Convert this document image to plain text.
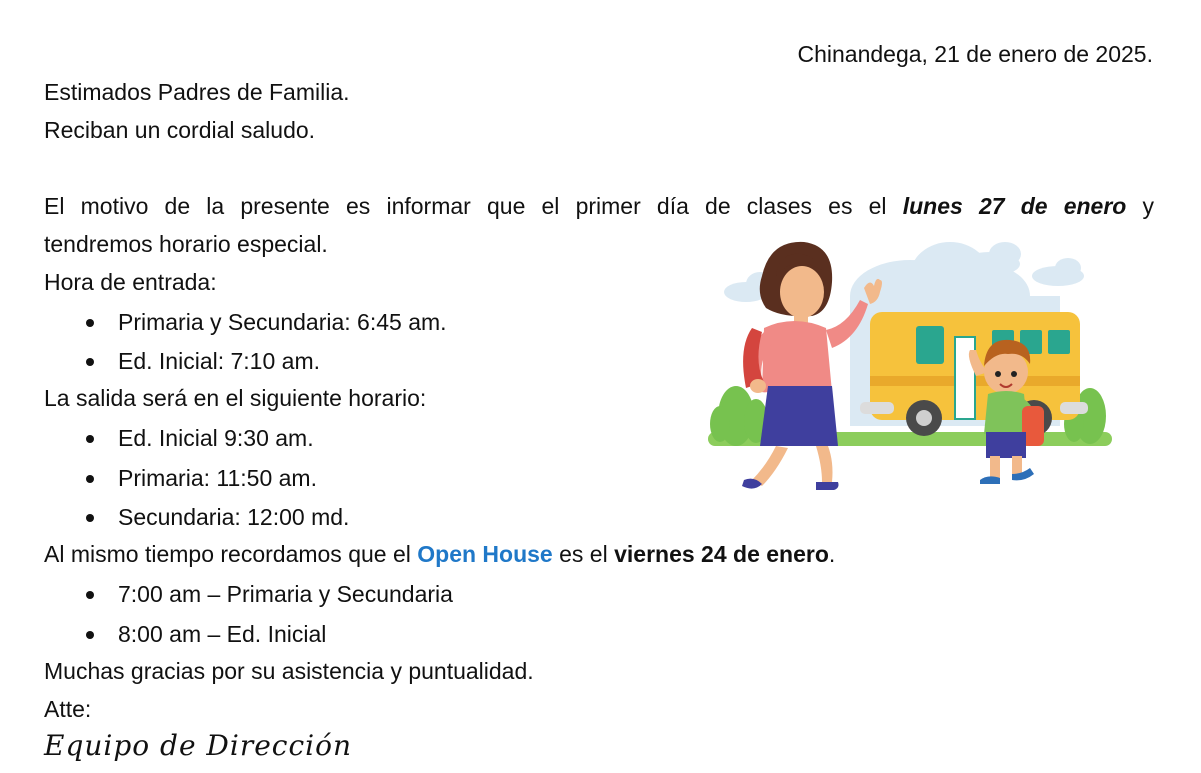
Chinandega, 21 de enero de 2025.
Estimados Padres de Familia.
Reciban un cordial saludo.
El motivo de la presente es informar que el primer día de clases es el lunes 27 de enero y
tendremos horario especial.
Hora de entrada:
Primaria y Secundaria: 6:45 am.
Ed. Inicial: 7:10 am.
La salida será en el siguiente horario:
Ed. Inicial 9:30 am.
Primaria: 11:50 am.
Secundaria: 12:00 md.
Al mismo tiempo recordamos que el Open House es el viernes 24 de enero.
7:00 am – Primaria y Secundaria
8:00 am – Ed. Inicial
Muchas gracias por su asistencia y puntualidad.
Atte:
Equipo de Dirección
